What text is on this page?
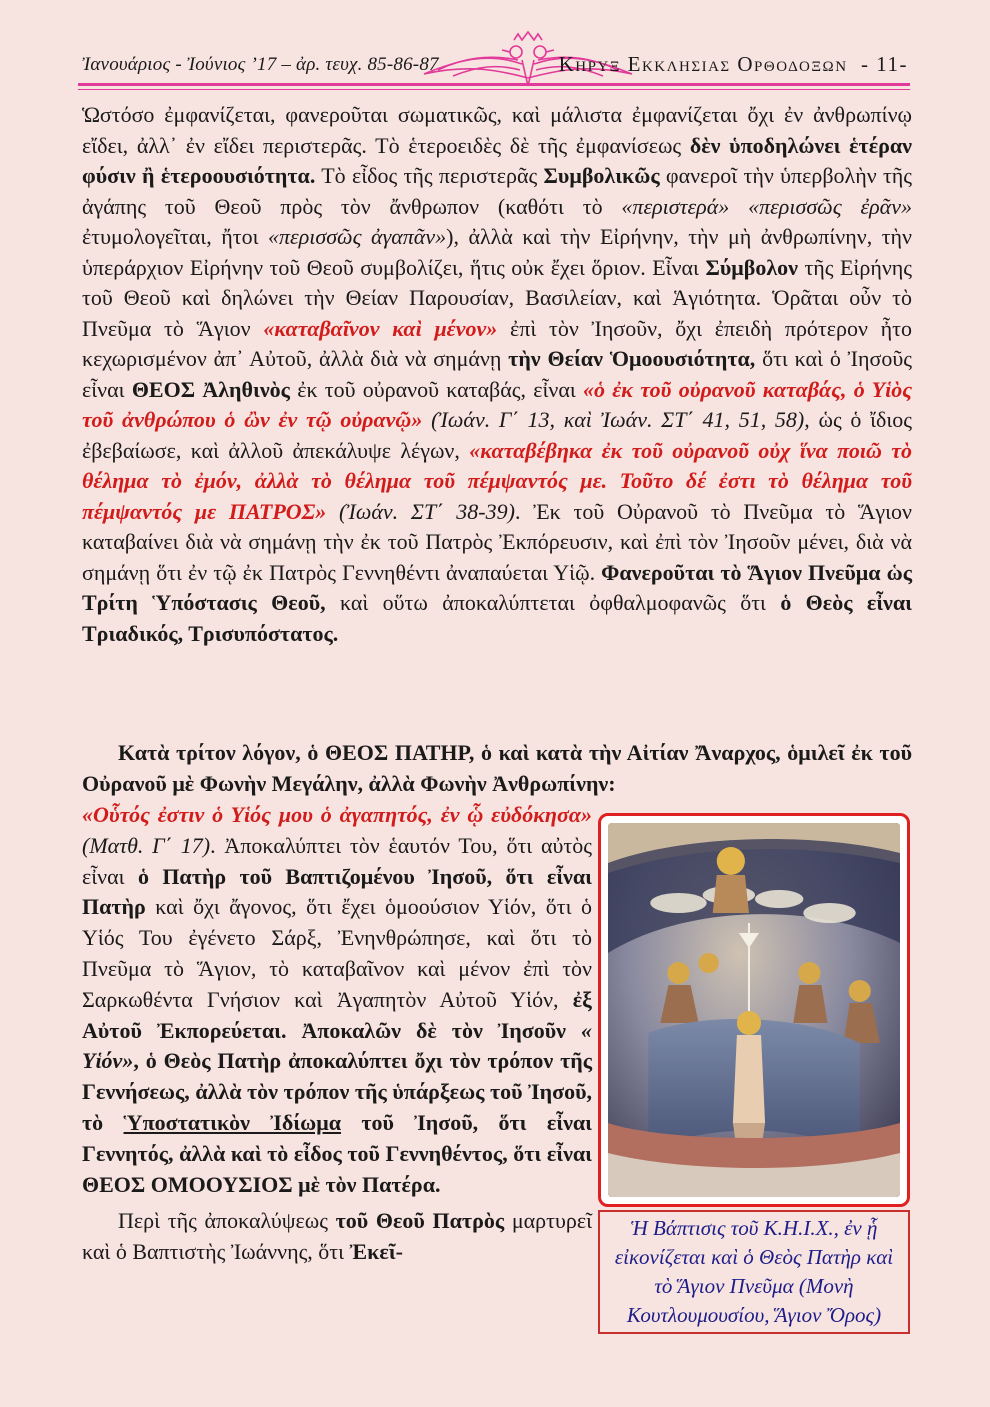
Ἰανουάριος - Ἰούνιος ’17 – ἀρ. τευχ. 85-86-87	Κηρυξ Εκκλησιας Ορθοδοξων - 11-

Ὡστόσο ἐμφανίζεται, φανεροῦται σωματικῶς, καὶ μάλιστα ἐμφανίζεται ὄχι ἐν ἀνθρωπίνῳ εἴδει, ἀλλ᾽ ἐν εἴδει περιστερᾶς. Τὸ ἑτεροειδὲς δὲ τῆς ἐμφανίσεως δὲν ὑποδηλώνει ἑτέραν φύσιν ἢ ἑτεροουσιότητα. Τὸ εἶδος τῆς περιστερᾶς Συμβολικῶς φανεροῖ τὴν ὑπερβολὴν τῆς ἀγάπης τοῦ Θεοῦ πρὸς τὸν ἄνθρωπον (καθότι τὸ «περιστερά» «περισσῶς ἐρᾶν» ἐτυμολογεῖται, ἤτοι «περισσῶς ἀγαπᾶν»), ἀλλὰ καὶ τὴν Εἰρήνην, τὴν μὴ ἀνθρωπίνην, τὴν ὑπεράρχιον Εἰρήνην τοῦ Θεοῦ συμβολίζει, ἥτις οὐκ ἔχει ὅριον. Εἶναι Σύμβολον τῆς Εἰρήνης τοῦ Θεοῦ καὶ δηλώνει τὴν Θείαν Παρουσίαν, Βασιλείαν, καὶ Ἁγιότητα. Ὁρᾶται οὖν τὸ Πνεῦμα τὸ Ἅγιον «καταβαῖνον καὶ μένον» ἐπὶ τὸν Ἰησοῦν, ὄχι ἐπειδὴ πρότερον ἦτο κεχωρισμένον ἀπ᾽ Αὐτοῦ, ἀλλὰ διὰ νὰ σημάνῃ τὴν Θείαν Ὁμοουσιότητα, ὅτι καὶ ὁ Ἰησοῦς εἶναι ΘΕΟΣ Ἀληθινὸς ἐκ τοῦ οὐρανοῦ καταβάς, εἶναι «ὁ ἐκ τοῦ οὐρανοῦ καταβάς, ὁ Υἱὸς τοῦ ἀνθρώπου ὁ ὢν ἐν τῷ οὐρανῷ» (Ἰωάν. Γ΄ 13, καὶ Ἰωάν. ΣΤ΄ 41, 51, 58), ὡς ὁ ἴδιος ἐβεβαίωσε, καὶ ἀλλοῦ ἀπεκάλυψε λέγων, «καταβέβηκα ἐκ τοῦ οὐρανοῦ οὐχ ἵνα ποιῶ τὸ θέλημα τὸ ἐμόν, ἀλλὰ τὸ θέλημα τοῦ πέμψαντός με. Τοῦτο δέ ἐστι τὸ θέλημα τοῦ πέμψαντός με ΠΑΤΡΟΣ» (Ἰωάν. ΣΤ΄ 38-39). Ἐκ τοῦ Οὐρανοῦ τὸ Πνεῦμα τὸ Ἅγιον καταβαίνει διὰ νὰ σημάνῃ τὴν ἐκ τοῦ Πατρὸς Ἐκπόρευσιν, καὶ ἐπὶ τὸν Ἰησοῦν μένει, διὰ νὰ σημάνῃ ὅτι ἐν τῷ ἐκ Πατρὸς Γεννηθέντι ἀναπαύεται Υἱῷ. Φανεροῦται τὸ Ἅγιον Πνεῦμα ὡς Τρίτη Ὑπόστασις Θεοῦ, καὶ οὕτω ἀποκαλύπτεται ὀφθαλμοφανῶς ὅτι ὁ Θεὸς εἶναι Τριαδικός, Τρισυπόστατος.

Κατὰ τρίτον λόγον, ὁ ΘΕΟΣ ΠΑΤΗΡ, ὁ καὶ κατὰ τὴν Αἰτίαν Ἄναρχος, ὁμιλεῖ ἐκ τοῦ Οὐρανοῦ μὲ Φωνὴν Μεγάλην, ἀλλὰ Φωνὴν Ἀνθρωπίνην:

«Οὗτός ἐστιν ὁ Υἱός μου ὁ ἀγαπητός, ἐν ᾧ εὐδόκησα» (Ματθ. Γ΄ 17). Ἀποκαλύπτει τὸν ἑαυτόν Του, ὅτι αὐτὸς εἶναι ὁ Πατὴρ τοῦ Βαπτιζομένου Ἰησοῦ, ὅτι εἶναι Πατὴρ καὶ ὄχι ἄγονος, ὅτι ἔχει ὁμοούσιον Υἱόν, ὅτι ὁ Υἱός Του ἐγένετο Σάρξ, Ἐνηνθρώπησε, καὶ ὅτι τὸ Πνεῦμα τὸ Ἅγιον, τὸ καταβαῖνον καὶ μένον ἐπὶ τὸν Σαρκωθέντα Γνήσιον καὶ Ἀγαπητὸν Αὐτοῦ Υἱόν, ἐξ Αὐτοῦ Ἐκπορεύεται. Ἀποκαλῶν δὲ τὸν Ἰησοῦν « Υἱόν», ὁ Θεὸς Πατὴρ ἀποκαλύπτει ὄχι τὸν τρόπον τῆς Γεννήσεως, ἀλλὰ τὸν τρόπον τῆς ὑπάρξεως τοῦ Ἰησοῦ, τὸ Ὑποστατικὸν Ἰδίωμα τοῦ Ἰησοῦ, ὅτι εἶναι Γεννητός, ἀλλὰ καὶ τὸ εἶδος τοῦ Γεννηθέντος, ὅτι εἶναι ΘΕΟΣ ΟΜΟΟΥΣΙΟΣ μὲ τὸν Πατέρα.

Περὶ τῆς ἀποκαλύψεως τοῦ Θεοῦ Πατρὸς μαρτυρεῖ καὶ ὁ Βαπτιστὴς Ἰωάννης, ὅτι Ἐκεῖ-

Ἡ Βάπτισις τοῦ Κ.Η.Ι.Χ., ἐν ᾗ εἰκονίζεται καὶ ὁ Θεὸς Πατὴρ καὶ τὸ Ἅγιον Πνεῦμα (Μονὴ Κουτλουμουσίου, Ἅγιον Ὄρος)
